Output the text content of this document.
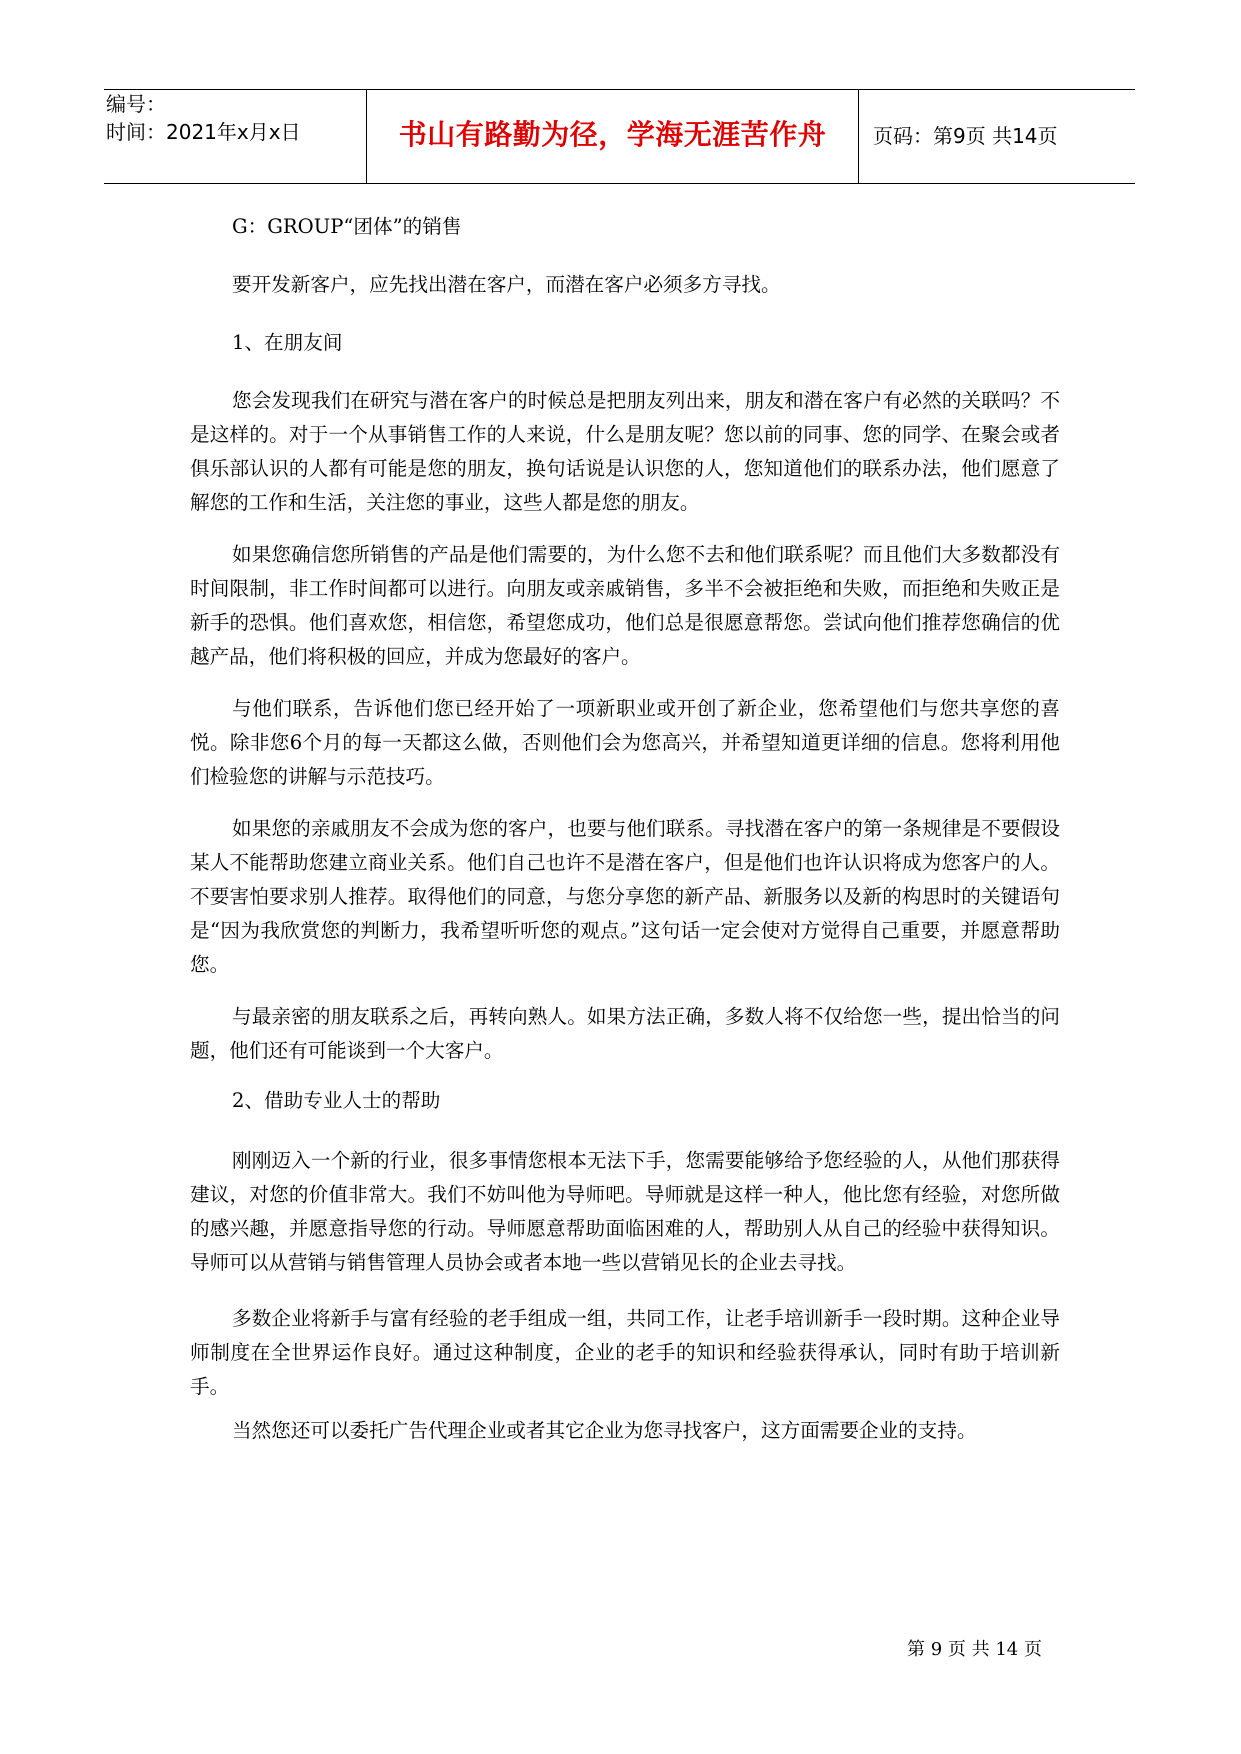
编号：
时间：2021年x月x日	书山有路勤为径，学海无涯苦作舟	页码：第9页 共14页
G：GROUP“团体”的销售
要开发新客户，应先找出潜在客户，而潜在客户必须多方寻找。
1、在朋友间
您会发现我们在研究与潜在客户的时候总是把朋友列出来，朋友和潜在客户有必然的关联吗？不是这样的。对于一个从事销售工作的人来说，什么是朋友呢？您以前的同事、您的同学、在聚会或者俱乐部认识的人都有可能是您的朋友，换句话说是认识您的人，您知道他们的联系办法，他们愿意了解您的工作和生活，关注您的事业，这些人都是您的朋友。
如果您确信您所销售的产品是他们需要的，为什么您不去和他们联系呢？而且他们大多数都没有时间限制，非工作时间都可以进行。向朋友或亲戚销售，多半不会被拒绝和失败，而拒绝和失败正是新手的恐惧。他们喜欢您，相信您，希望您成功，他们总是很愿意帮您。尝试向他们推荐您确信的优越产品，他们将积极的回应，并成为您最好的客户。
与他们联系，告诉他们您已经开始了一项新职业或开创了新企业，您希望他们与您共享您的喜悦。除非您6个月的每一天都这么做，否则他们会为您高兴，并希望知道更详细的信息。您将利用他们检验您的讲解与示范技巧。
如果您的亲戚朋友不会成为您的客户，也要与他们联系。寻找潜在客户的第一条规律是不要假设某人不能帮助您建立商业关系。他们自己也许不是潜在客户，但是他们也许认识将成为您客户的人。不要害怕要求别人推荐。取得他们的同意，与您分享您的新产品、新服务以及新的构思时的关键语句是“因为我欣赏您的判断力，我希望听听您的观点。”这句话一定会使对方觉得自己重要，并愿意帮助您。
与最亲密的朋友联系之后，再转向熟人。如果方法正确，多数人将不仅给您一些，提出恰当的问题，他们还有可能谈到一个大客户。
2、借助专业人士的帮助
刚刚迈入一个新的行业，很多事情您根本无法下手，您需要能够给予您经验的人，从他们那获得建议，对您的价值非常大。我们不妨叫他为导师吧。导师就是这样一种人，他比您有经验，对您所做的感兴趣，并愿意指导您的行动。导师愿意帮助面临困难的人，帮助别人从自己的经验中获得知识。导师可以从营销与销售管理人员协会或者本地一些以营销见长的企业去寻找。
多数企业将新手与富有经验的老手组成一组，共同工作，让老手培训新手一段时期。这种企业导师制度在全世界运作良好。通过这种制度，企业的老手的知识和经验获得承认，同时有助于培训新手。
当然您还可以委托广告代理企业或者其它企业为您寻找客户，这方面需要企业的支持。
第 9 页 共 14 页
